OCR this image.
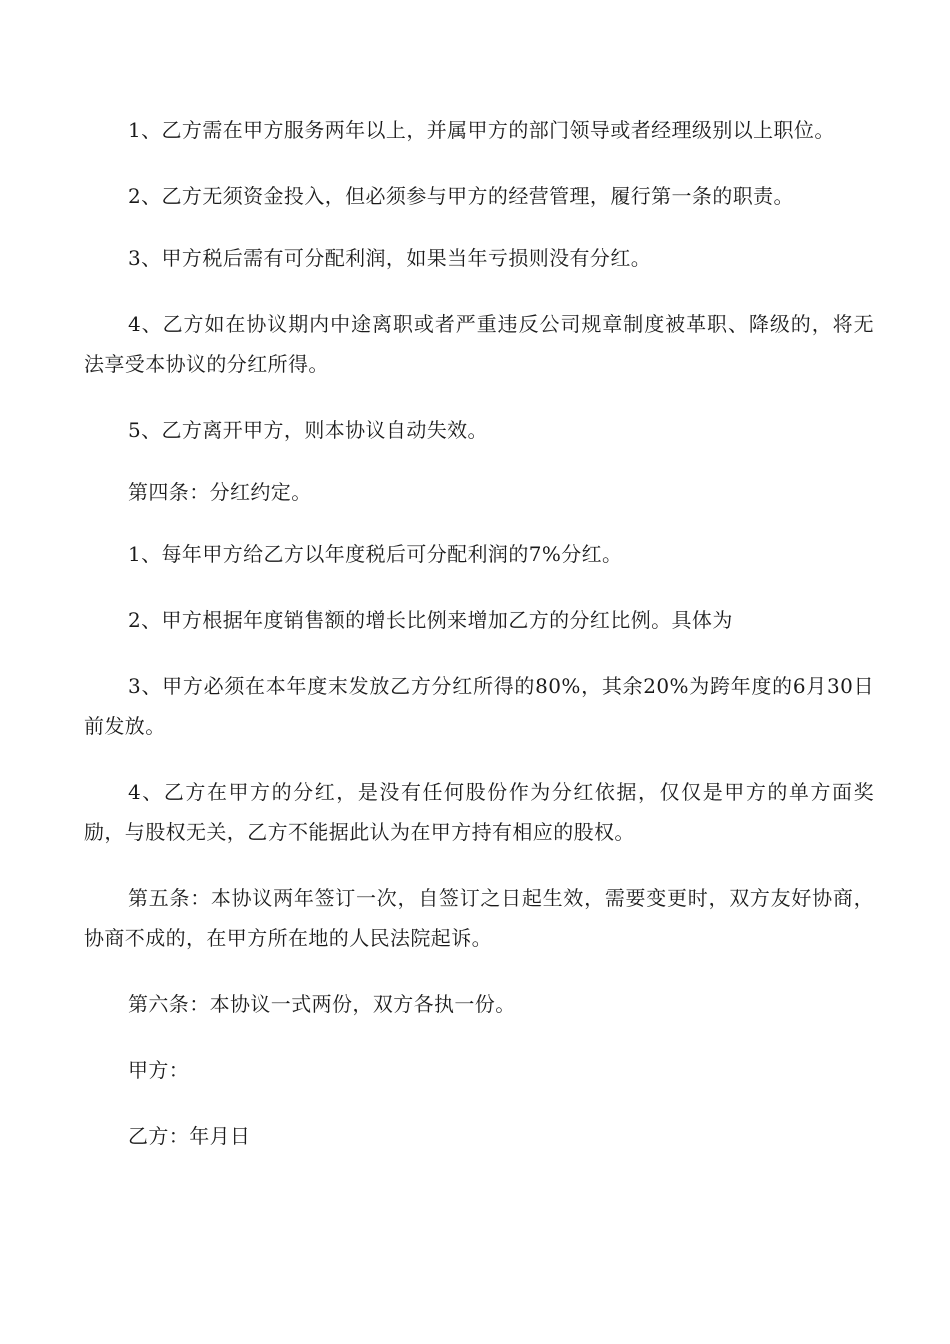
1、乙方需在甲方服务两年以上，并属甲方的部门领导或者经理级别以上职位。

2、乙方无须资金投入，但必须参与甲方的经营管理，履行第一条的职责。

3、甲方税后需有可分配利润，如果当年亏损则没有分红。

4、乙方如在协议期内中途离职或者严重违反公司规章制度被革职、降级的，将无法享受本协议的分红所得。

5、乙方离开甲方，则本协议自动失效。

第四条：分红约定。

1、每年甲方给乙方以年度税后可分配利润的7%分红。

2、甲方根据年度销售额的增长比例来增加乙方的分红比例。具体为

3、甲方必须在本年度末发放乙方分红所得的80%，其余20%为跨年度的6月30日前发放。

4、乙方在甲方的分红，是没有任何股份作为分红依据，仅仅是甲方的单方面奖励，与股权无关，乙方不能据此认为在甲方持有相应的股权。

第五条：本协议两年签订一次，自签订之日起生效，需要变更时，双方友好协商，协商不成的，在甲方所在地的人民法院起诉。

第六条：本协议一式两份，双方各执一份。

甲方：

乙方：年月日
